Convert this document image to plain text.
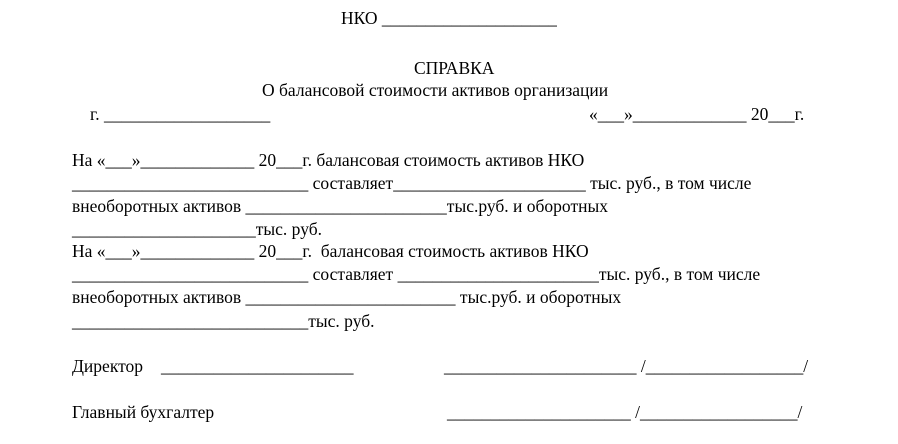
НКО ____________________

СПРАВКА

О балансовой стоимости активов организации

г. ___________________	«___»_____________ 20___г.

На «___»_____________ 20___г. балансовая стоимость активов НКО

___________________________ составляет______________________ тыс. руб., в том числе

внеоборотных активов _______________________тыс.руб. и оборотных

_____________________тыс. руб.

На «___»_____________ 20___г.  балансовая стоимость активов НКО

___________________________ составляет _______________________тыс. руб., в том числе

внеоборотных активов ________________________ тыс.руб. и оборотных

___________________________тыс. руб.

Директор ______________________	______________________ /__________________/

Главный бухгалтер	_____________________ /__________________/
